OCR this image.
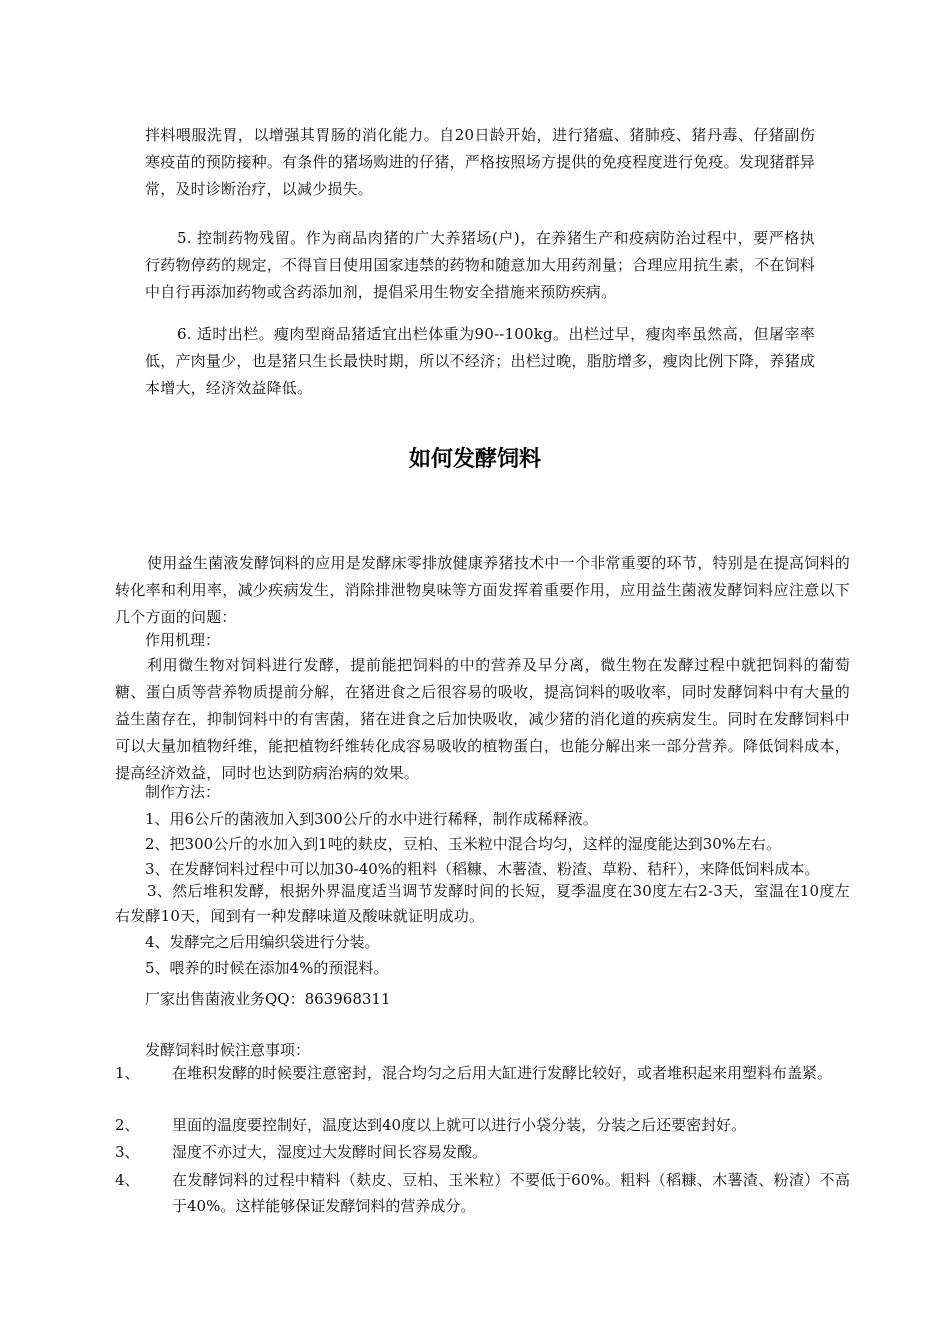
拌料喂服洗胃，以增强其胃肠的消化能力。自20日龄开始，进行猪瘟、猪肺疫、猪丹毒、仔猪副伤寒疫苗的预防接种。有条件的猪场购进的仔猪，严格按照场方提供的免疫程度进行免疫。发现猪群异常，及时诊断治疗，以减少损失。

5. 控制药物残留。作为商品肉猪的广大养猪场(户)，在养猪生产和疫病防治过程中，要严格执行药物停药的规定，不得盲目使用国家违禁的药物和随意加大用药剂量；合理应用抗生素，不在饲料中自行再添加药物或含药添加剂，提倡采用生物安全措施来预防疾病。

6. 适时出栏。瘦肉型商品猪适宜出栏体重为90--100kg。出栏过早，瘦肉率虽然高，但屠宰率低，产肉量少，也是猪只生长最快时期，所以不经济；出栏过晚，脂肪增多，瘦肉比例下降，养猪成本增大，经济效益降低。

如何发酵饲料

使用益生菌液发酵饲料的应用是发酵床零排放健康养猪技术中一个非常重要的环节，特别是在提高饲料的转化率和利用率，减少疾病发生，消除排泄物臭味等方面发挥着重要作用，应用益生菌液发酵饲料应注意以下几个方面的问题：

作用机理：

利用微生物对饲料进行发酵，提前能把饲料的中的营养及早分离，微生物在发酵过程中就把饲料的葡萄糖、蛋白质等营养物质提前分解，在猪进食之后很容易的吸收，提高饲料的吸收率，同时发酵饲料中有大量的益生菌存在，抑制饲料中的有害菌，猪在进食之后加快吸收，减少猪的消化道的疾病发生。同时在发酵饲料中可以大量加植物纤维，能把植物纤维转化成容易吸收的植物蛋白，也能分解出来一部分营养。降低饲料成本，提高经济效益，同时也达到防病治病的效果。

制作方法：
1、用6公斤的菌液加入到300公斤的水中进行稀释，制作成稀释液。
2、把300公斤的水加入到1吨的麸皮，豆柏、玉米粒中混合均匀，这样的湿度能达到30%左右。
3、在发酵饲料过程中可以加30-40%的粗料（稻糠、木薯渣、粉渣、草粉、秸秆），来降低饲料成本。

3、然后堆积发酵，根据外界温度适当调节发酵时间的长短，夏季温度在30度左右2-3天，室温在10度左右发酵10天，闻到有一种发酵味道及酸味就证明成功。

4、发酵完之后用编织袋进行分装。
5、喂养的时候在添加4%的预混料。
厂家出售菌液业务QQ：863968311
发酵饲料时候注意事项：
1、 在堆积发酵的时候要注意密封，混合均匀之后用大缸进行发酵比较好，或者堆积起来用塑料布盖紧。
2、 里面的温度要控制好，温度达到40度以上就可以进行小袋分装，分装之后还要密封好。
3、 湿度不亦过大，湿度过大发酵时间长容易发酸。
4、 在发酵饲料的过程中精料（麸皮、豆柏、玉米粒）不要低于60%。粗料（稻糠、木薯渣、粉渣）不高于40%。这样能够保证发酵饲料的营养成分。
